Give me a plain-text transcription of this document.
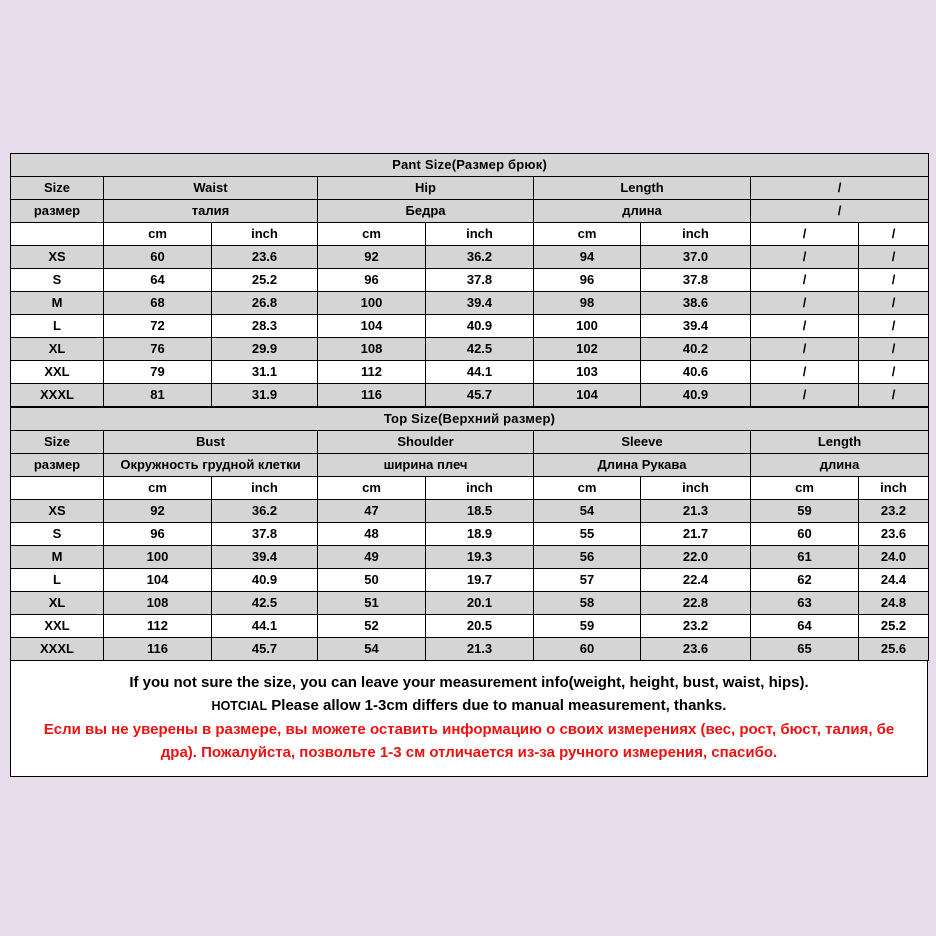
Pant Size(Размер брюк)								
Size	Waist		Hip		Length		/	
размер	талия		Бедра		длина		/	
	cm	inch	cm	inch	cm	inch	/	/
XS	60	23.6	92	36.2	94	37.0	/	/
S	64	25.2	96	37.8	96	37.8	/	/
M	68	26.8	100	39.4	98	38.6	/	/
L	72	28.3	104	40.9	100	39.4	/	/
XL	76	29.9	108	42.5	102	40.2	/	/
XXL	79	31.1	112	44.1	103	40.6	/	/
XXXL	81	31.9	116	45.7	104	40.9	/	/
Top Size(Верхний размер)								
Size	Bust		Shoulder		Sleeve		Length	
размер	Окружность грудной клетки		ширина плеч		Длина Рукава		длина	
	cm	inch	cm	inch	cm	inch	cm	inch
XS	92	36.2	47	18.5	54	21.3	59	23.2
S	96	37.8	48	18.9	55	21.7	60	23.6
M	100	39.4	49	19.3	56	22.0	61	24.0
L	104	40.9	50	19.7	57	22.4	62	24.4
XL	108	42.5	51	20.1	58	22.8	63	24.8
XXL	112	44.1	52	20.5	59	23.2	64	25.2
XXXL	116	45.7	54	21.3	60	23.6	65	25.6
If you not sure the size, you can leave your measurement info(weight, height, bust, waist, hips).
HOTCIAL Please allow 1-3cm differs due to manual measurement, thanks.
Если вы не уверены в размере, вы можете оставить информацию о своих измерениях (вес, рост, бюст, талия, бе
дра). Пожалуйста, позвольте 1-3 см отличается из-за ручного измерения, спасибо.
